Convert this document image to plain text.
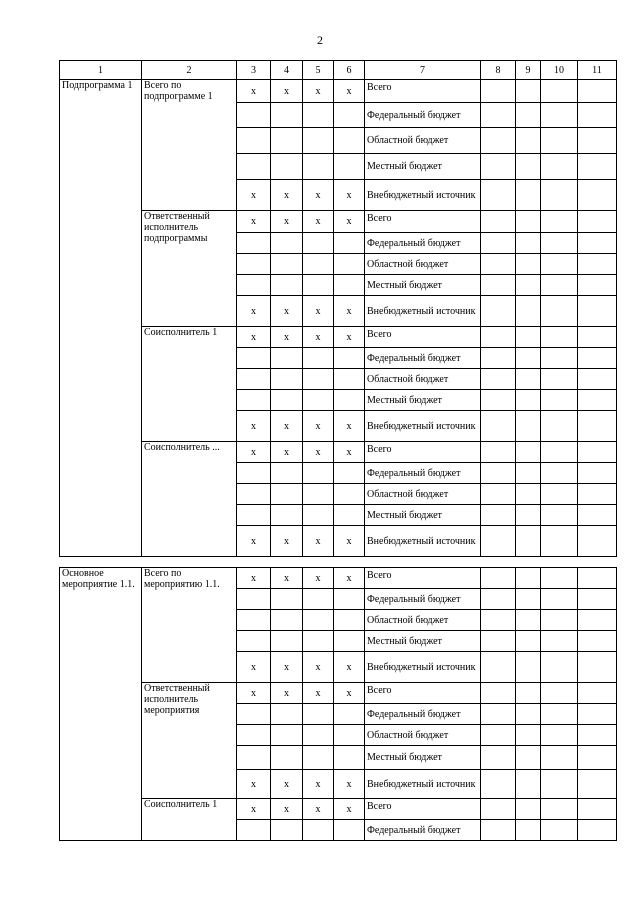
2
1	2	3	4	5	6	7	8	9	10	11
Подпрограмма 1	Всего по подпрограмме 1	x	x	x	x	Всего				
						Федеральный бюджет				
						Областной бюджет				
						Местный бюджет				
		x	x	x	x	Внебюджетный источник				
	Ответственный исполнитель подпрограммы	x	x	x	x	Всего				
						Федеральный бюджет				
						Областной бюджет				
						Местный бюджет				
		x	x	x	x	Внебюджетный источник				
	Соисполнитель 1	x	x	x	x	Всего				
						Федеральный бюджет				
						Областной бюджет				
						Местный бюджет				
		x	x	x	x	Внебюджетный источник				
	Соисполнитель ...	x	x	x	x	Всего				
						Федеральный бюджет				
						Областной бюджет				
						Местный бюджет				
		x	x	x	x	Внебюджетный источник				
Основное мероприятие 1.1.	Всего по мероприятию 1.1.	x	x	x	x	Всего				
						Федеральный бюджет				
						Областной бюджет				
						Местный бюджет				
		x	x	x	x	Внебюджетный источник				
	Ответственный исполнитель мероприятия	x	x	x	x	Всего				
						Федеральный бюджет				
						Областной бюджет				
						Местный бюджет				
		x	x	x	x	Внебюджетный источник				
	Соисполнитель 1	x	x	x	x	Всего				
						Федеральный бюджет				
